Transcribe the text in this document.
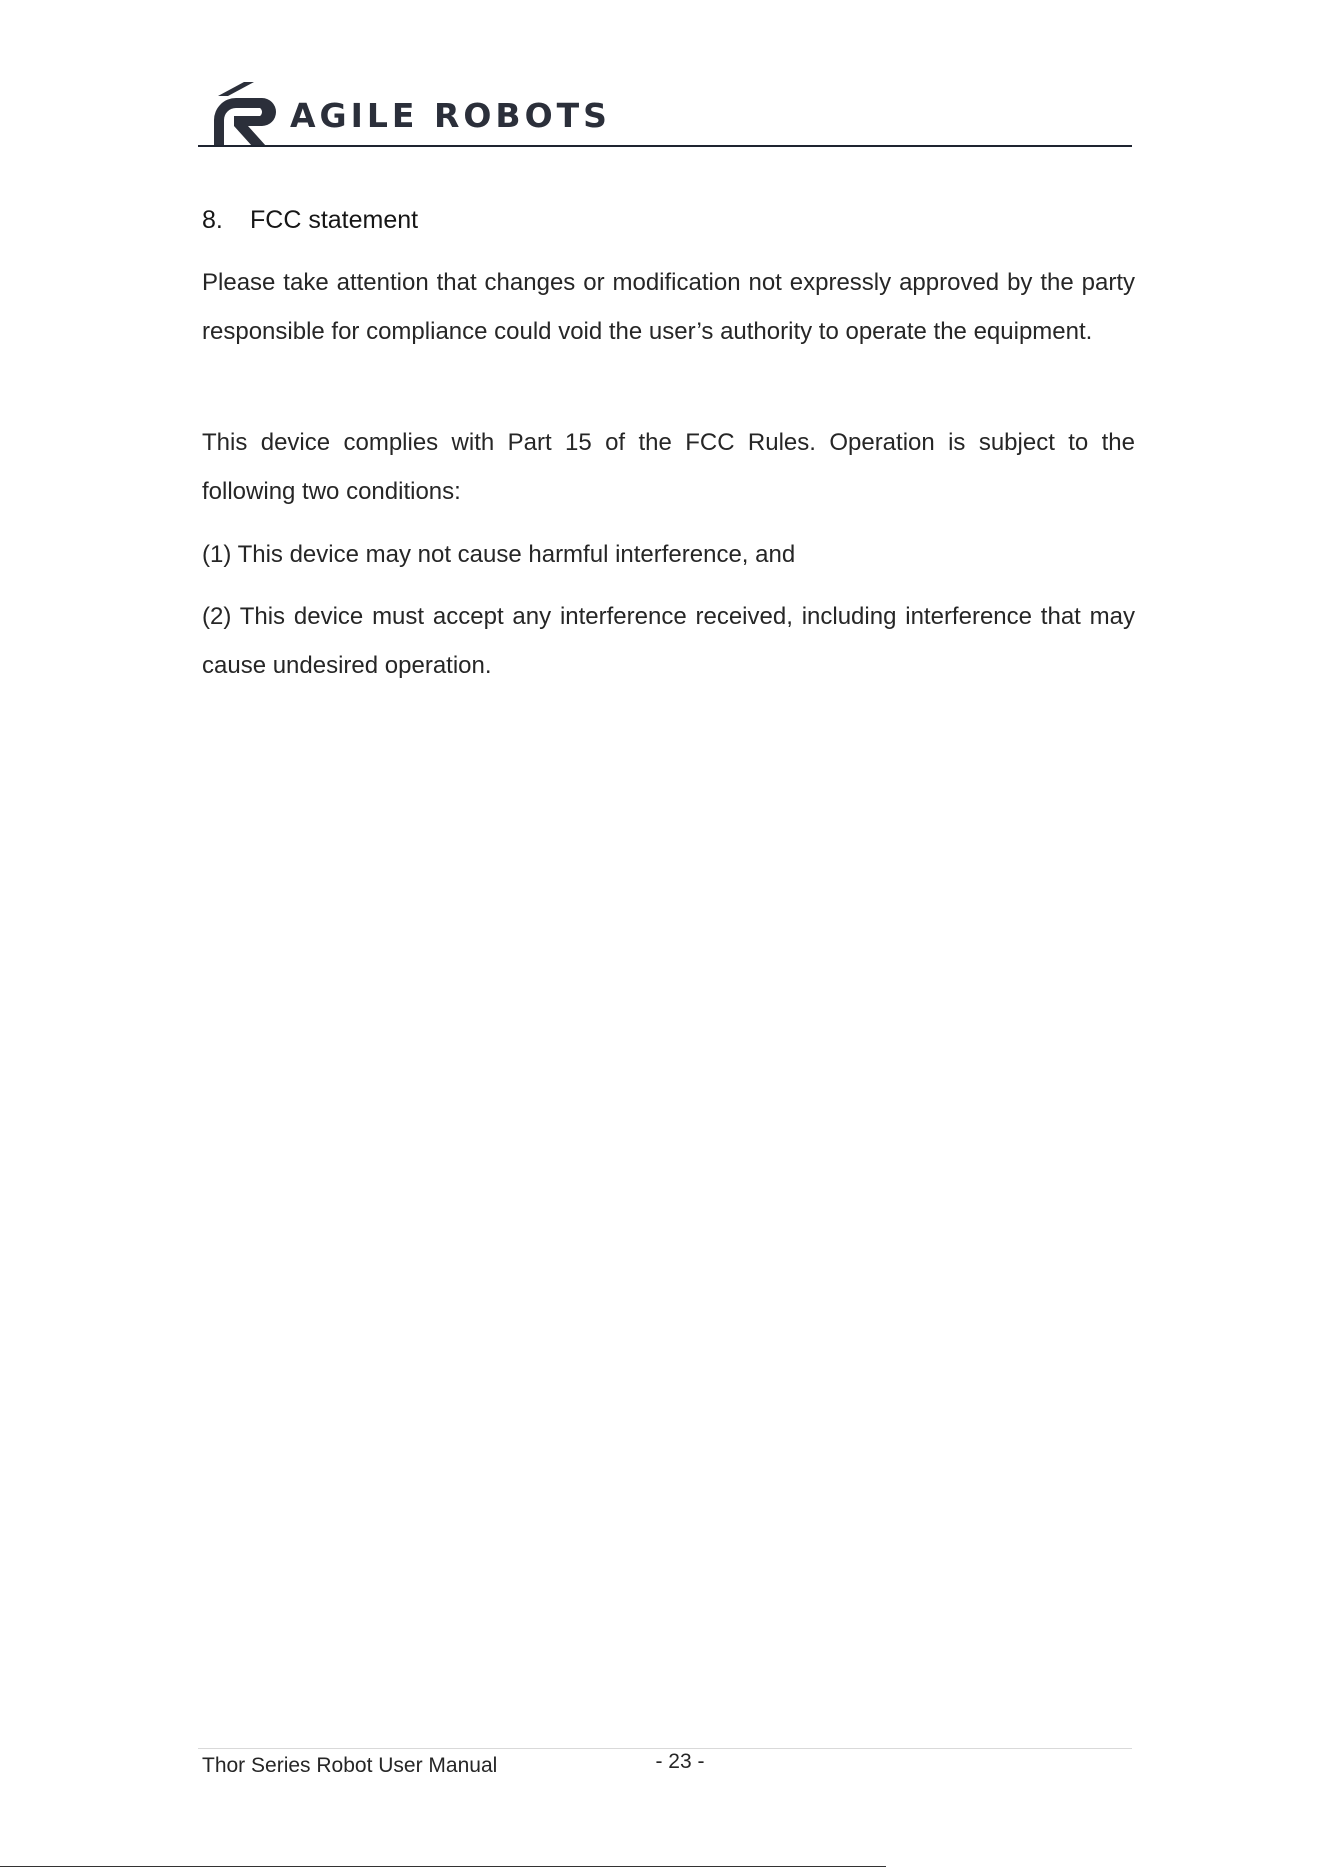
AGILE ROBOTS
8. FCC statement
Please take attention that changes or modification not expressly approved by the party responsible for compliance could void the user’s authority to operate the equipment.
This device complies with Part 15 of the FCC Rules. Operation is subject to the following two conditions:
(1) This device may not cause harmful interference, and
(2) This device must accept any interference received, including interference that may cause undesired operation.
Thor Series Robot User Manual	- 23 -
